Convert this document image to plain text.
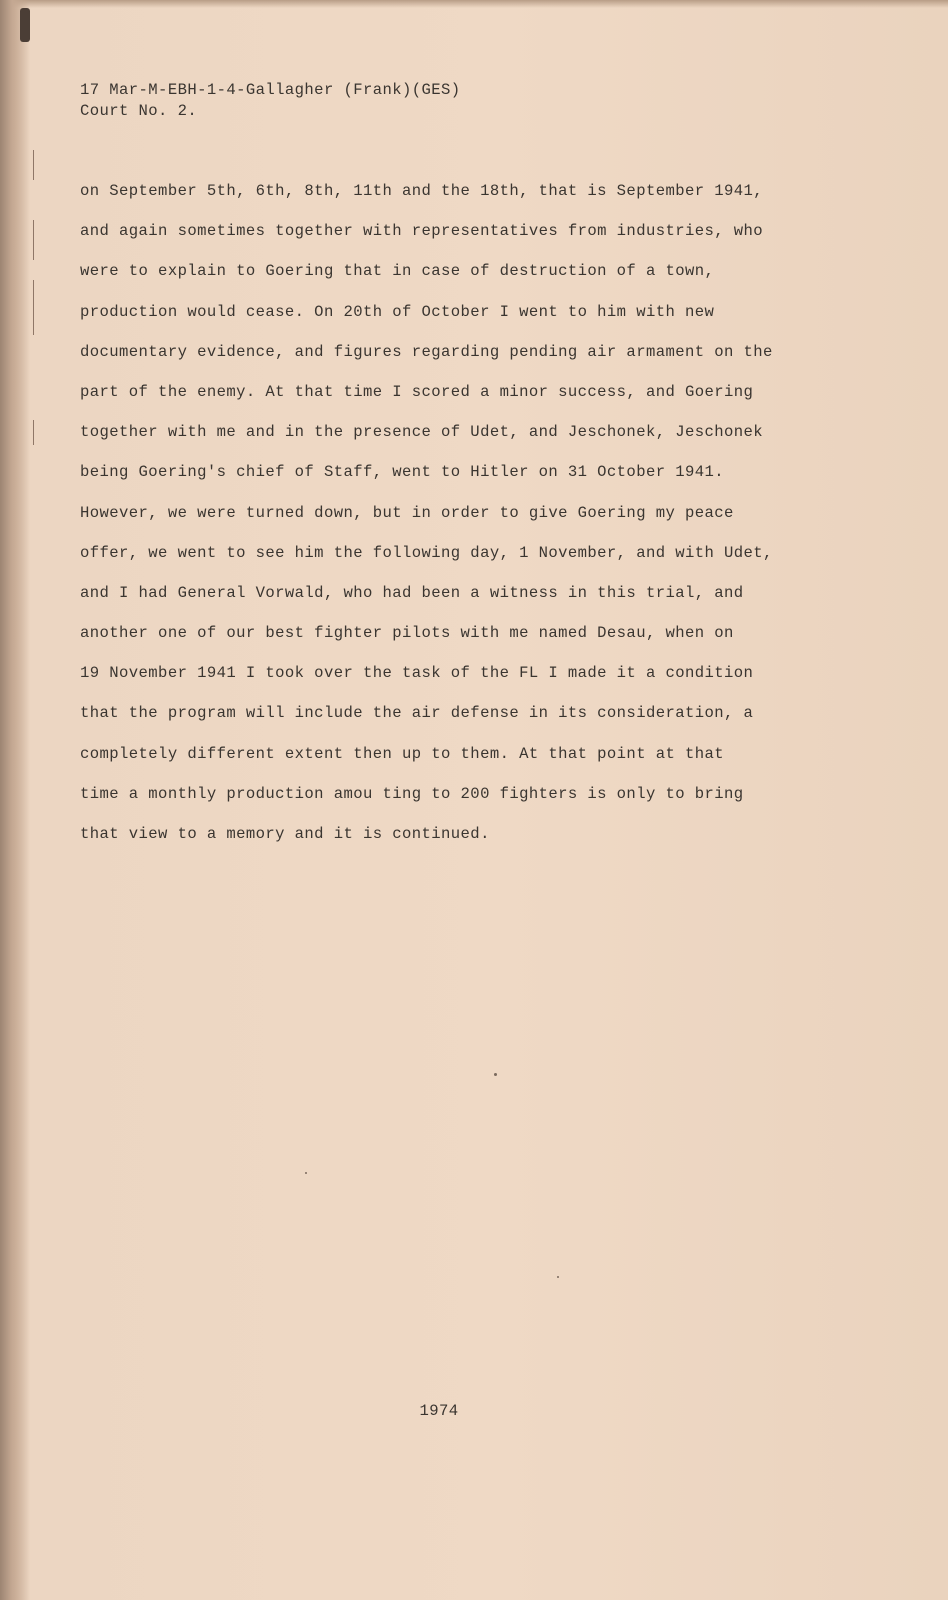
17 Mar-M-EBH-1-4-Gallagher (Frank)(GES)
Court No. 2.
on September 5th, 6th, 8th, 11th and the 18th, that is September 1941,
and again sometimes together with representatives from industries, who
were to explain to Goering that in case of destruction of a town,
production would cease. On 20th of October I went to him with new
documentary evidence, and figures regarding pending air armament on the
part of the enemy. At that time I scored a minor success, and Goering
together with me and in the presence of Udet, and Jeschonek, Jeschonek
being Goering's chief of Staff, went to Hitler on 31 October 1941.
However, we were turned down, but in order to give Goering my peace
offer, we went to see him the following day, 1 November, and with Udet,
and I had General Vorwald, who had been a witness in this trial, and
another one of our best fighter pilots with me named Desau, when on
19 November 1941 I took over the task of the FL I made it a condition
that the program will include the air defense in its consideration, a
completely different extent then up to them. At that point at that
time a monthly production amou ting to 200 fighters is only to bring
that view to a memory and it is continued.
1974
